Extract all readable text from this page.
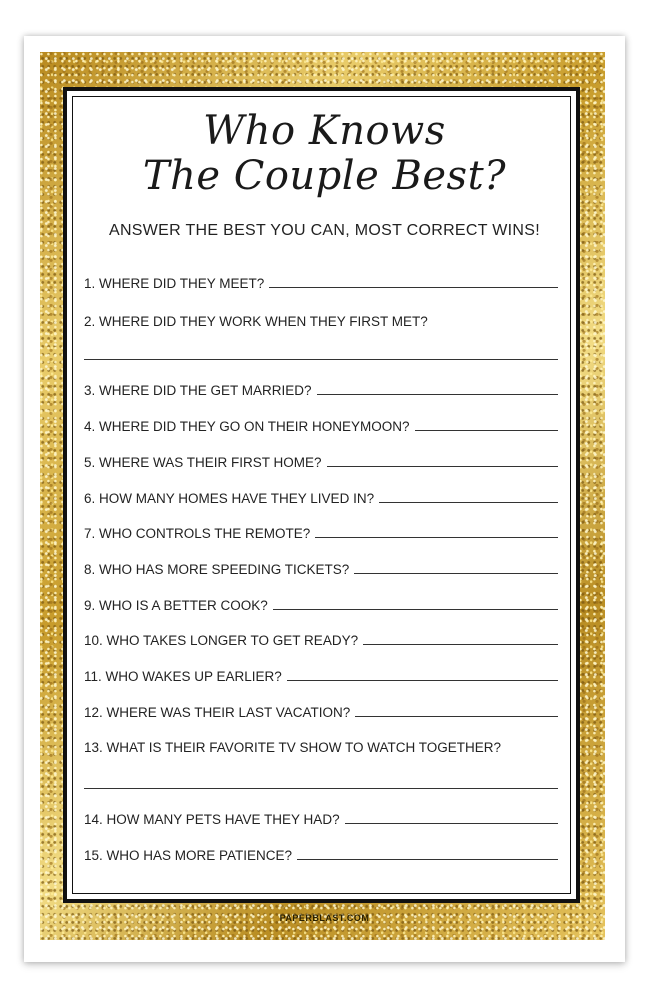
Who Knows
The Couple Best?
ANSWER THE BEST YOU CAN, MOST CORRECT WINS!
1. WHERE DID THEY MEET?
2. WHERE DID THEY WORK WHEN THEY FIRST MET?
3. WHERE DID THE GET MARRIED?
4. WHERE DID THEY GO ON THEIR HONEYMOON?
5. WHERE WAS THEIR FIRST HOME?
6. HOW MANY HOMES HAVE THEY LIVED IN?
7. WHO CONTROLS THE REMOTE?
8. WHO HAS MORE SPEEDING TICKETS?
9. WHO IS A BETTER COOK?
10. WHO TAKES LONGER TO GET READY?
11. WHO WAKES UP EARLIER?
12. WHERE WAS THEIR LAST VACATION?
13. WHAT IS THEIR FAVORITE TV SHOW TO WATCH TOGETHER?
14. HOW MANY PETS HAVE THEY HAD?
15. WHO HAS MORE PATIENCE?
PAPERBLAST.COM
